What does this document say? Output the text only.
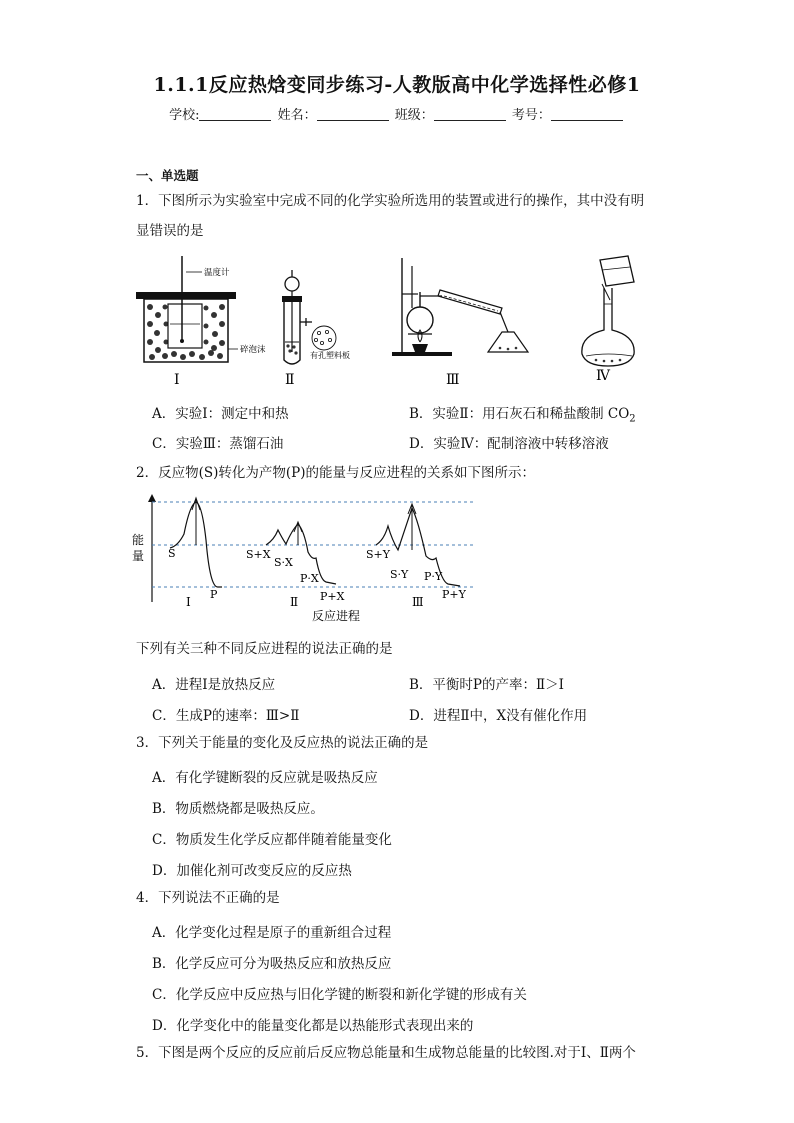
1.1.1反应热焓变同步练习-人教版高中化学选择性必修1
学校:	姓名：	班级：	考号：
一、单选题
1．下图所示为实验室中完成不同的化学实验所选用的装置或进行的操作，其中没有明
显错误的是
温度计
碎泡沫
Ⅰ
有孔塑料板
Ⅱ	Ⅲ	Ⅳ
A．实验Ⅰ：测定中和热	B．实验Ⅱ：用石灰石和稀盐酸制 $CO_2$
C．实验Ⅲ：蒸馏石油	D．实验Ⅳ：配制溶液中转移溶液
2．反应物(S)转化为产物(P)的能量与反应进程的关系如下图所示：
能
量 S
P
Ⅰ
S+X
S·X
P·X
P+X
Ⅱ
S+Y
S·Y P·Y
P+Y
Ⅲ
反应进程
下列有关三种不同反应进程的说法正确的是
A．进程Ⅰ是放热反应	B．平衡时P的产率：Ⅱ＞Ⅰ
C．生成P的速率：Ⅲ>Ⅱ	D．进程Ⅱ中，X没有催化作用
3．下列关于能量的变化及反应热的说法正确的是
A．有化学键断裂的反应就是吸热反应
B．物质燃烧都是吸热反应。
C．物质发生化学反应都伴随着能量变化
D．加催化剂可改变反应的反应热
4．下列说法不正确的是
A．化学变化过程是原子的重新组合过程
B．化学反应可分为吸热反应和放热反应
C．化学反应中反应热与旧化学键的断裂和新化学键的形成有关
D．化学变化中的能量变化都是以热能形式表现出来的
5．下图是两个反应的反应前后反应物总能量和生成物总能量的比较图.对于Ⅰ、Ⅱ两个
